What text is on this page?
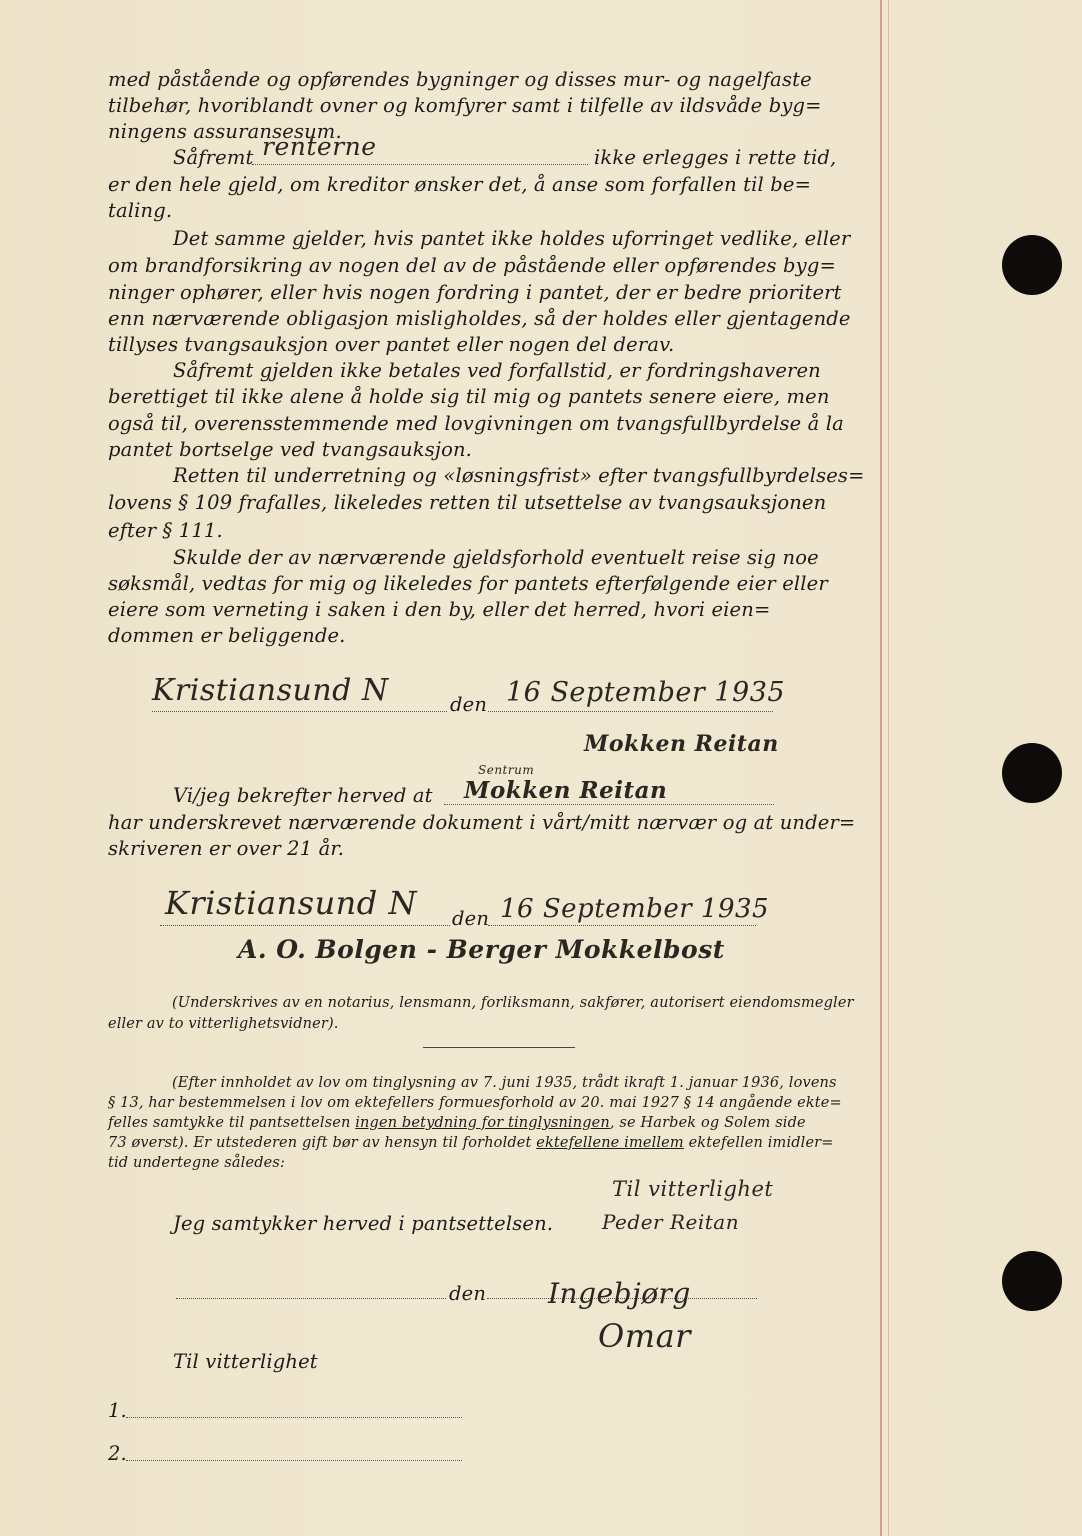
med påstående og opførendes bygninger og disses mur- og nagelfaste
tilbehør, hvoriblandt ovner og komfyrer samt i tilfelle av ildsvåde byg=
ningens assuransesum.
Såfremt renterne	ikke erlegges i rette tid,
er den hele gjeld, om kreditor ønsker det, å anse som forfallen til be=
taling.
Det samme gjelder, hvis pantet ikke holdes uforringet vedlike, eller
om brandforsikring av nogen del av de påstående eller opførendes byg=
ninger ophører, eller hvis nogen fordring i pantet, der er bedre prioritert
enn nærværende obligasjon misligholdes, så der holdes eller gjentagende
tillyses tvangsauksjon over pantet eller nogen del derav.
Såfremt gjelden ikke betales ved forfallstid, er fordringshaveren
berettiget til ikke alene å holde sig til mig og pantets senere eiere, men
også til, overensstemmende med lovgivningen om tvangsfullbyrdelse å la
pantet bortselge ved tvangsauksjon.
Retten til underretning og «løsningsfrist» efter tvangsfullbyrdelses=
lovens § 109 frafalles, likeledes retten til utsettelse av tvangsauksjonen
efter § 111.
Skulde der av nærværende gjeldsforhold eventuelt reise sig noe
søksmål, vedtas for mig og likeledes for pantets efterfølgende eier eller
eiere som verneting i saken i den by, eller det herred, hvori eien=
dommen er beliggende.
Kristiansund N	den 16 September 1935
Mokken Reitan
Vi/jeg bekrefter herved at
Sentrum
Mokken Reitan
har underskrevet nærværende dokument i vårt/mitt nærvær og at under=
skriveren er over 21 år.
Kristiansund N den 16 September 1935
A. O. Bolgen - Berger Mokkelbost
(Underskrives av en notarius, lensmann, forliksmann, sakfører, autorisert eiendomsmegler
eller av to vitterlighetsvidner).
(Efter innholdet av lov om tinglysning av 7. juni 1935, trådt ikraft 1. januar 1936, lovens
§ 13, har bestemmelsen i lov om ektefellers formuesforhold av 20. mai 1927 § 14 angående ekte=
felles samtykke til pantsettelsen ingen betydning for tinglysningen, se Harbek og Solem side
73 øverst). Er utstederen gift bør av hensyn til forholdet ektefellene imellem ektefellen imidler=
tid undertegne således:
Til vitterlighet
Jeg samtykker herved i pantsettelsen. Peder Reitan
den Ingebjørg
Omar
Til vitterlighet
1.
2.
